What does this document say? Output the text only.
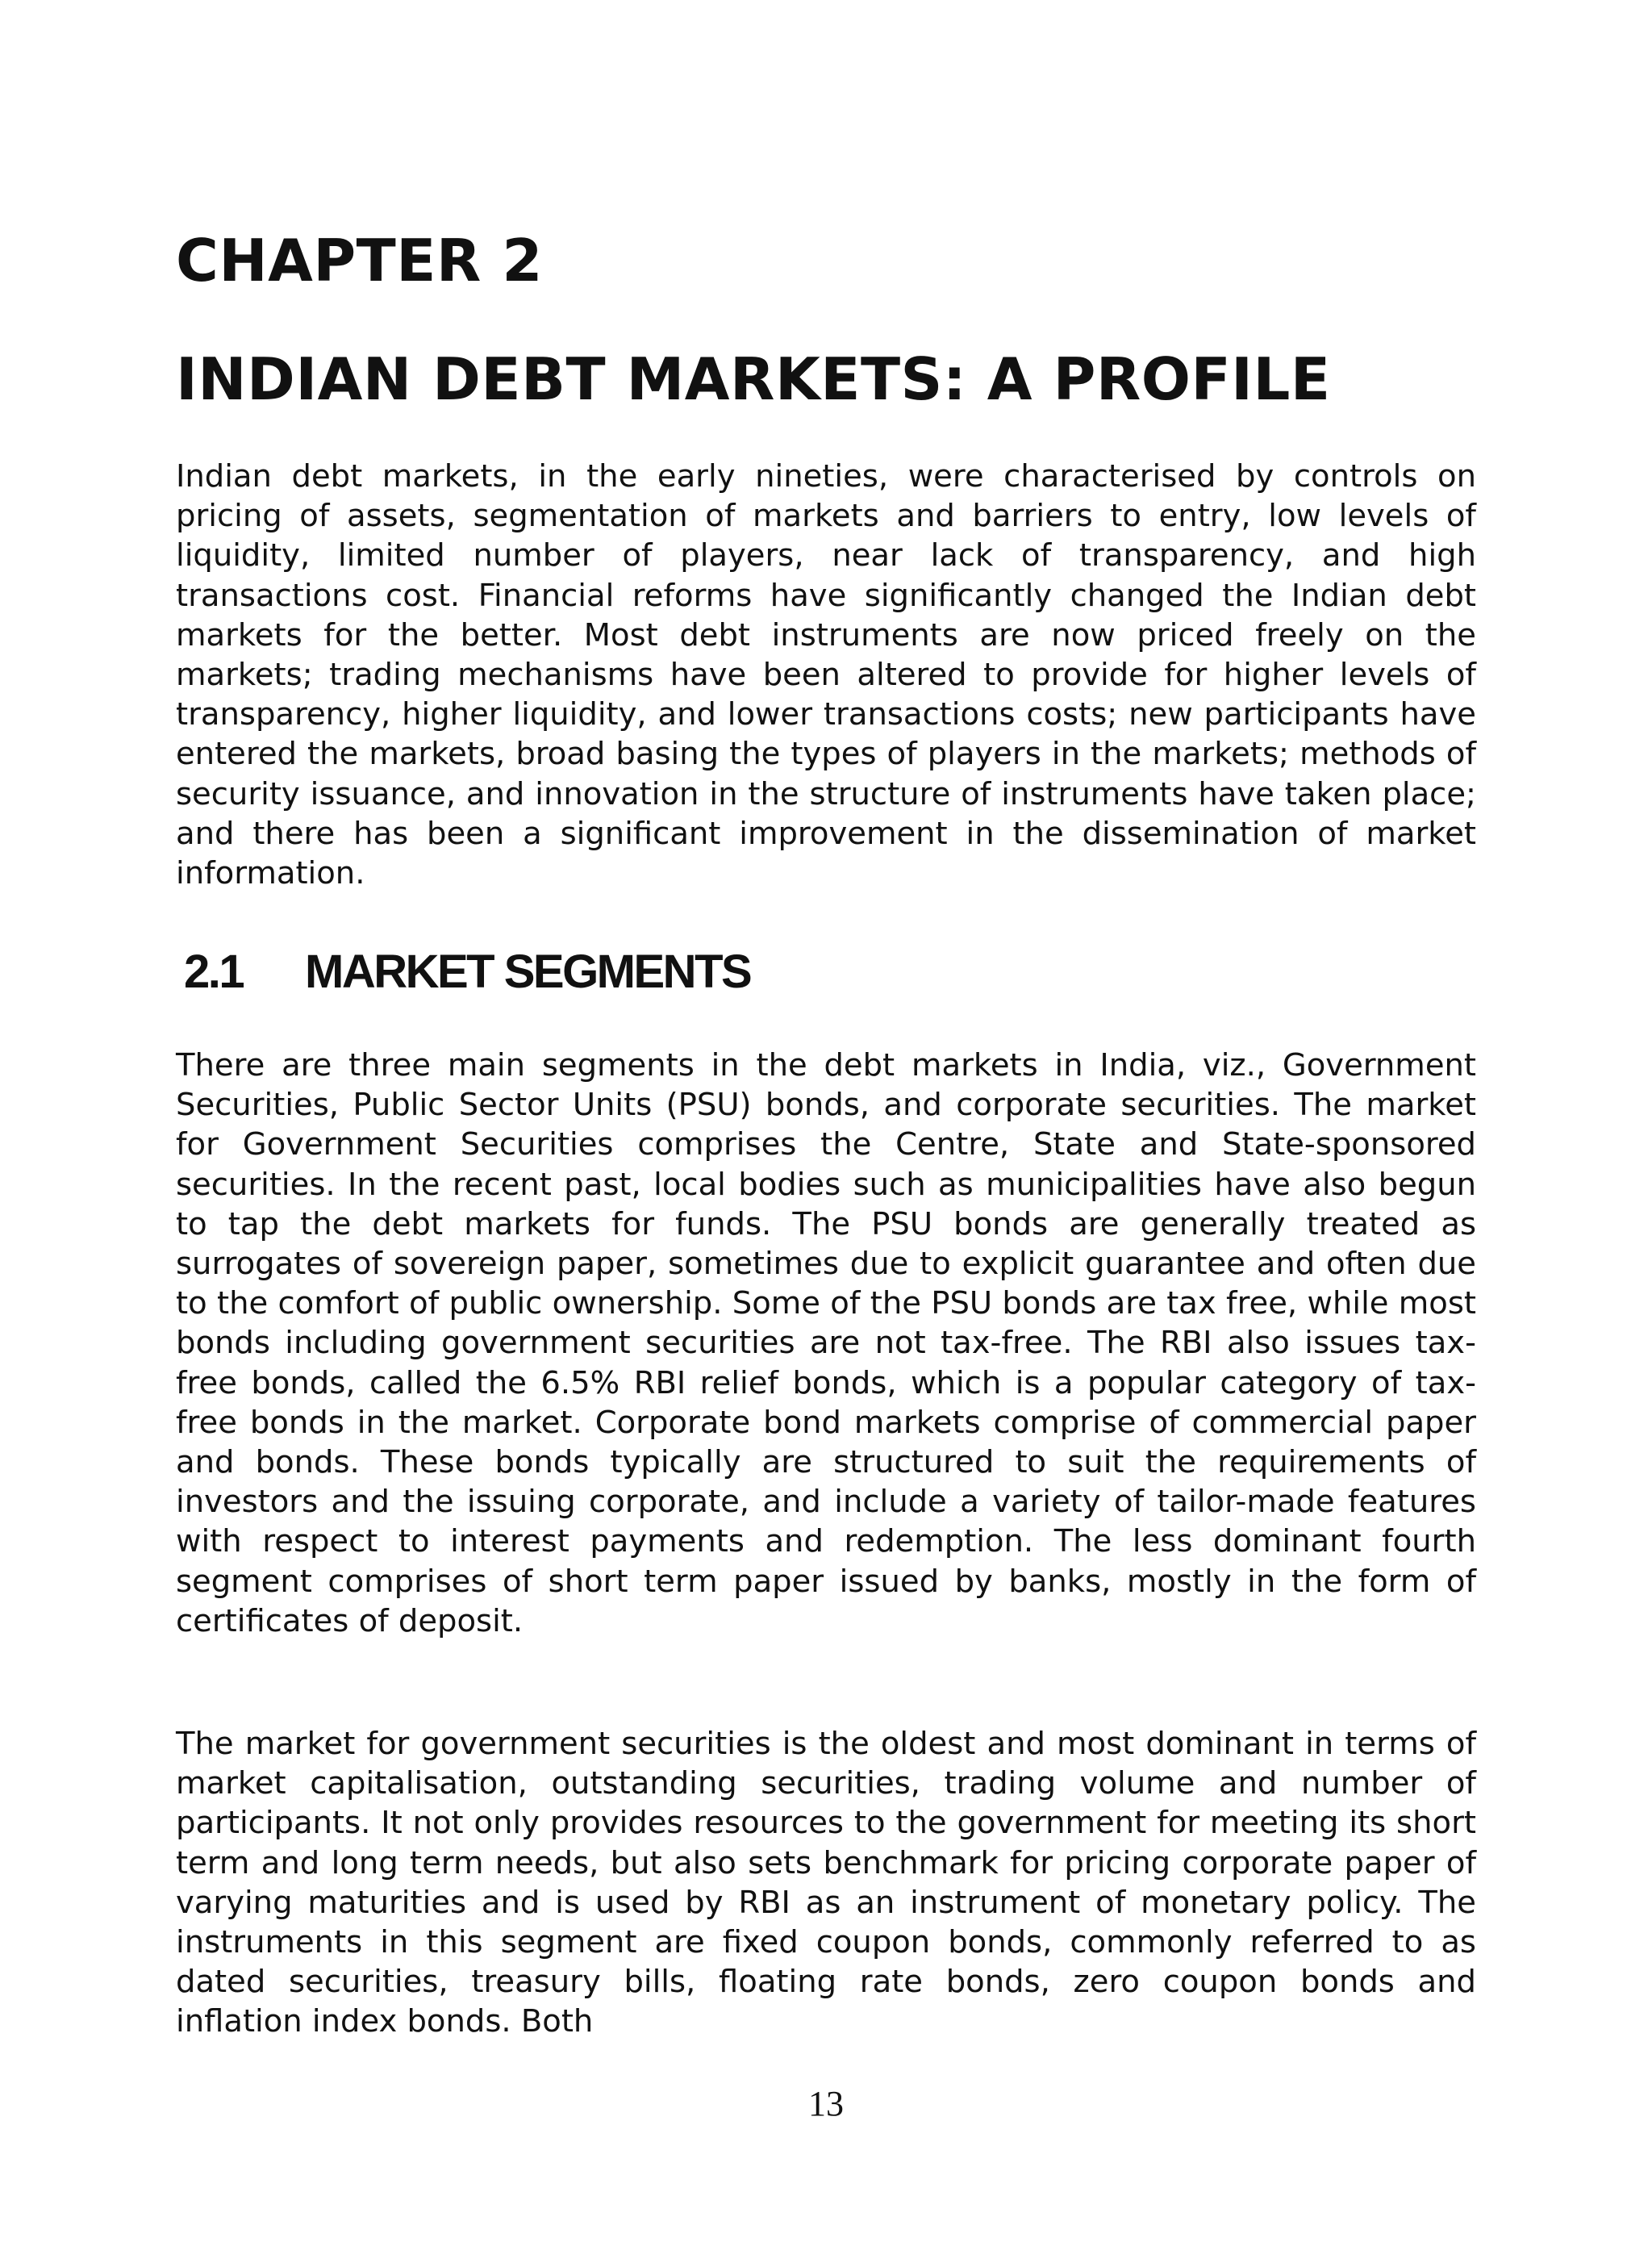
CHAPTER 2
INDIAN DEBT MARKETS: A PROFILE

Indian debt markets, in the early nineties, were characterised by controls on pricing of assets, segmentation of markets and barriers to entry, low levels of liquidity, limited number of players, near lack of transparency, and high transactions cost. Financial reforms have significantly changed the Indian debt markets for the better. Most debt instruments are now priced freely on the markets; trading mechanisms have been altered to provide for higher levels of transparency, higher liquidity, and lower transactions costs; new participants have entered the markets, broad basing the types of players in the markets; methods of security issuance, and innovation in the structure of instruments have taken place; and there has been a significant improvement in the dissemination of market information.

2.1 MARKET SEGMENTS

There are three main segments in the debt markets in India, viz., Government Securities, Public Sector Units (PSU) bonds, and corporate securities. The market for Government Securities comprises the Centre, State and State-sponsored securities. In the recent past, local bodies such as municipalities have also begun to tap the debt markets for funds. The PSU bonds are generally treated as surrogates of sovereign paper, sometimes due to explicit guarantee and often due to the comfort of public ownership. Some of the PSU bonds are tax free, while most bonds including government securities are not tax-free. The RBI also issues tax-free bonds, called the 6.5% RBI relief bonds, which is a popular category of tax-free bonds in the market. Corporate bond markets comprise of commercial paper and bonds. These bonds typically are structured to suit the requirements of investors and the issuing corporate, and include a variety of tailor-made features with respect to interest payments and redemption. The less dominant fourth segment comprises of short term paper issued by banks, mostly in the form of certificates of deposit.

The market for government securities is the oldest and most dominant in terms of market capitalisation, outstanding securities, trading volume and number of participants. It not only provides resources to the government for meeting its short term and long term needs, but also sets benchmark for pricing corporate paper of varying maturities and is used by RBI as an instrument of monetary policy. The instruments in this segment are fixed coupon bonds, commonly referred to as dated securities, treasury bills, floating rate bonds, zero coupon bonds and inflation index bonds. Both

13
